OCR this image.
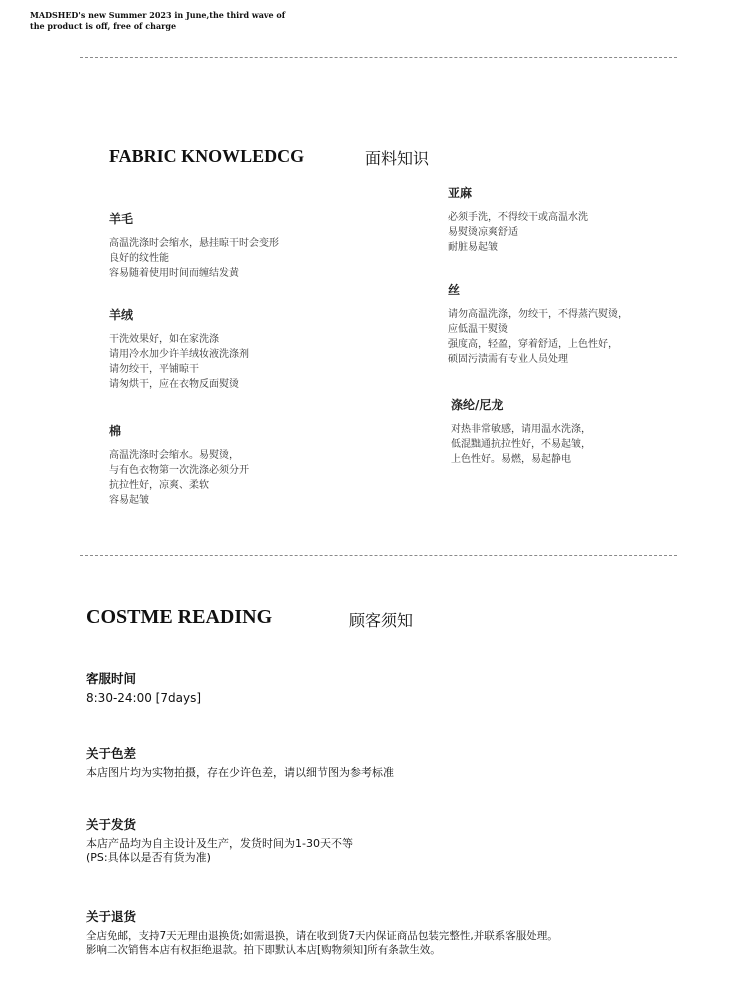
MADSHED's new Summer 2023 in June,the third wave of
the product is off, free of charge
FABRIC KNOWLEDCG	面料知识
羊毛
高温洗涤时会缩水，悬挂晾干时会变形
良好的纹性能
容易随着使用时间而缠结发黄
羊绒
干洗效果好，如在家洗涤
请用冷水加少许羊绒妆液洗涤剂
请勿绞干，平铺晾干
请匆烘干，应在衣物反面熨烫
棉
高温洗涤时会缩水。易熨烫，
与有色衣物第一次洗涤必须分开
抗拉性好，凉爽、柔软
容易起皱
亚麻
必须手洗，不得绞干或高温水洗
易熨烫凉爽舒适
耐脏易起皱
丝
请勿高温洗涤，勿绞干，不得蒸汽熨烫，
应低温干熨烫
强度高，轻盈，穿着舒适，上色性好，
硕固污渍需有专业人员处理
涤纶/尼龙
对热非常敏感，请用温水洗涤，
低混黜通抗拉性好，不易起皱，
上色性好。易燃，易起静电
COSTME READING	顾客须知
客服时间
8:30-24:00 [7days]
关于色差
本店图片均为实物拍摄，存在少许色差，请以细节图为参考标准
关于发货
本店产品均为自主设计及生产，发货时间为1-30天不等
(PS:具体以是否有货为准)
关于退货
全店免邮，支持7天无理由退换货;如需退换，请在收到货7天内保证商品包装完整性,并联系客服处理。
影响二次销售本店有权拒绝退款。拍下即默认本店[购物须知]所有条款生效。
